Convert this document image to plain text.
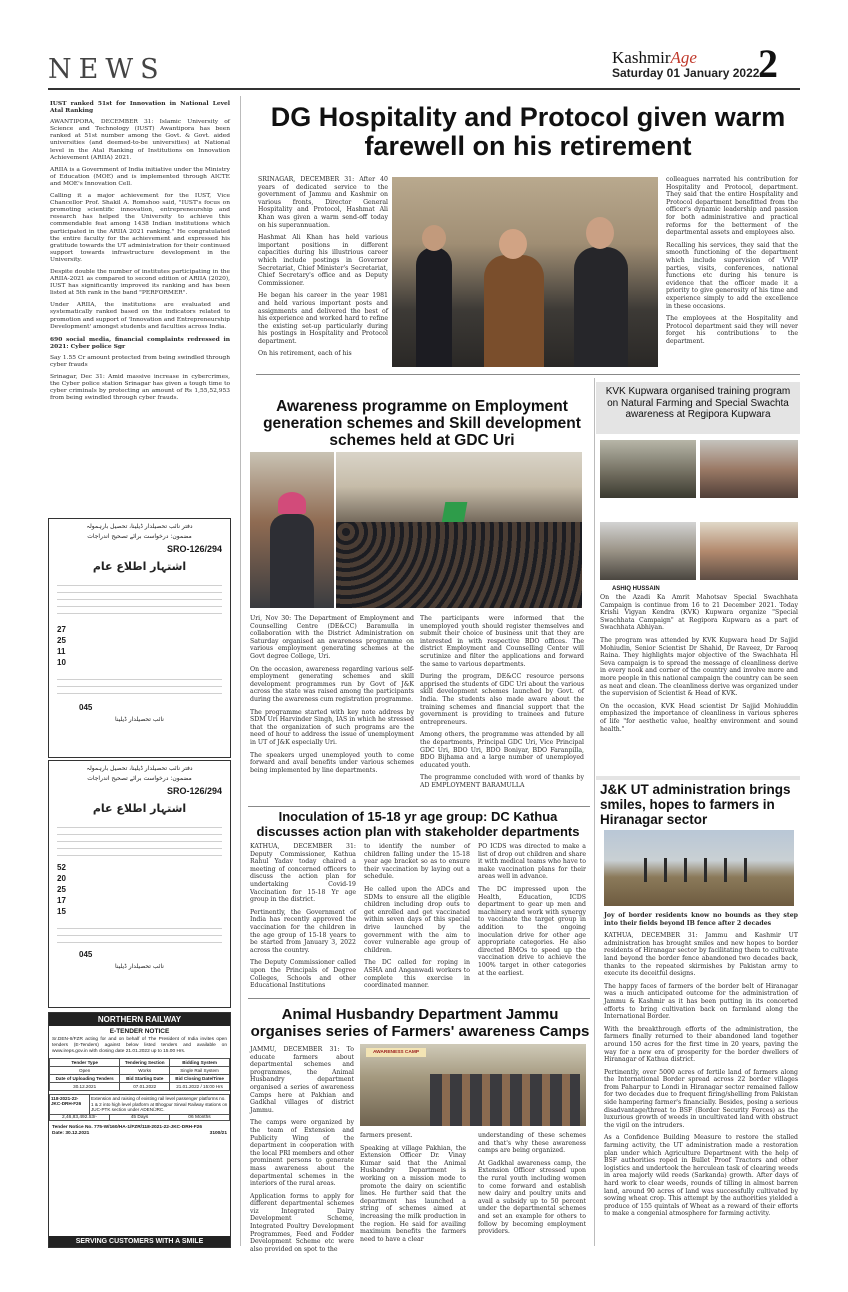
NEWS	KashmirAge
Saturday 01 January 2022
2

IUST ranked 51st for Innovation in National Level Atal Ranking

AWANTIPORA, DECEMBER 31: Islamic University of Science and Technology (IUST) Awantipora has been ranked at 51st number among the Govt. & Govt. aided universities (and deemed-to-be universities) at National level in the Atal Ranking of Institutions on Innovation Achievement (ARIIA) 2021.

ARIIA is a Government of India initiative under the Ministry of Education (MOE) and is implemented through AICTE and MOE's Innovation Cell.

Calling it a major achievement for the IUST, Vice Chancellor Prof. Shakil A. Romshoo said, "IUST's focus on promoting scientific innovation, entrepreneurship and research has helped the University to achieve this commendable feat among 1438 Indian institutions which participated in the ARIIA 2021 ranking." He congratulated the entire faculty for the achievement and expressed his gratitude towards the UT administration for their continued support towards infrastructure development in the University.

Despite double the number of institutes participating in the ARIIA-2021 as compared to second edition of ARIIA (2020), IUST has significantly improved its ranking and has been listed at 5th rank in the band "PERFORMER".

Under ARIIA, the institutions are evaluated and systematically ranked based on the indicators related to promotion and support of 'Innovation and Entrepreneurship Development' amongst students and faculties across India.

690 social media, financial complaints redressed in 2021: Cyber police Sgr

Say 1.55 Cr amount protected from being swindled through cyber frauds

Srinagar, Dec 31: Amid massive increase in cybercrimes, the Cyber police station Srinagar has given a tough time to cyber criminals by protecting an amount of Rs 1,55,52,953 from being swindled through cyber frauds.

دفتر نائب تحصیلدار ڈیلینا، تحصیل بارہمولہ
مضمون: درخواست برائے تصحیح اندراجات
SRO-126/294
اشتہار اطلاع عام
27
25
11
10
045
نائب تحصیلدار ڈیلینا
دفتر نائب تحصیلدار ڈیلینا، تحصیل بارہمولہ
مضمون: درخواست برائے تصحیح اندراجات
SRO-126/294
اشتہار اطلاع عام
52
20
25
17
15
045
نائب تحصیلدار ڈیلینا
NORTHERN RAILWAY
E-TENDER NOTICE
Sr.DEN-II/FZR acting for and on behalf of The President of India invites open tenders (E-Tenders) against below listed tenders and available on www.ireps.gov.in with closing date 21.01.2022 up to 15.00 Hrs.
Tender Type	Tendering Section	Bidding System
Open	Works	Single Rail System
Date of Uploading Tenders	Bid Starting Date	Bid Closing Date/Time
30.12.2021	07.01.2022	21.01.2022 / 15:00 Hrs
118-2021-22-JKC-DRH-F26
Extension and raising of existing rail level passenger platforms no. 1 & 2 into high level platform at Bhogpur Sirwal Railway stations on JUC-PTK section under ADEN/JRC.
2,46,83,492.53/-	45 Days	06 Months
Tender Notice No. 775-W/160/HA-1/FZR/118-2021-22-JKC-DRH-F26
Date: 30.12.2021	3100/21
SERVING CUSTOMERS WITH A SMILE
DG Hospitality and Protocol given warm farewell on his retirement

SRINAGAR, DECEMBER 31: After 40 years of dedicated service to the government of Jammu and Kashmir on various fronts, Director General Hospitality and Protocol, Hashmat Ali Khan was given a warm send-off today on his superannuation.

Hashmat Ali Khan has held various important positions in different capacities during his illustrious career which include postings in Governor Secretariat, Chief Minister's Secretariat, Chief Secretary's office and as Deputy Commissioner.

He began his career in the year 1981 and held various important posts and assignments and delivered the best of his experience and worked hard to refine the existing set-up particularly during his postings in Hospitality and Protocol department.

On his retirement, each of his

colleagues narrated his contribution for Hospitality and Protocol, department. They said that the entire Hospitality and Protocol department benefitted from the officer's dynamic leadership and passion for both administrative and practical reforms for the betterment of the departmental assets and employees also.

Recalling his services, they said that the smooth functioning of the department which include supervision of VVIP parties, visits, conferences, national functions etc during his tenure is evidence that the officer made it a priority to give generosity of his time and experience simply to add the excellence in these occasions.

The employees at the Hospitality and Protocol department said they will never forget his contributions to the department.

Awareness programme on Employment generation schemes and Skill development schemes held at GDC Uri

Uri, Nov 30: The Department of Employment and Counselling Centre (DE&CC) Baramulla in collaboration with the District Administration on Saturday organised an awareness programme on various employment generating schemes at the Govt degree College, Uri.

On the occasion, awareness regarding various self-employment generating schemes and skill development programmes run by Govt of J&K across the state was raised among the participants during the awareness cum registration programme.

The programme started with key note address by SDM Uri Harvinder Singh, IAS in which he stressed that the organization of such programs are the need of hour to address the issue of unemployment in UT of J&K especially Uri.

The speakers urged unemployed youth to come forward and avail benefits under various schemes being implemented by line departments.

The participants were informed that the unemployed youth should register themselves and submit their choice of business unit that they are interested in with respective BDO offices. The district Employment and Counselling Center will scrutinize and filter the applications and forward the same to various departments.

During the program, DE&CC resource persons apprised the students of GDC Uri about the various skill development schemes launched by Govt. of India. The students also made aware about the training schemes and financial support that the government is providing to trainees and future entrepreneurs.

Among others, the programme was attended by all the departments, Principal GDC Uri, Vice Principal GDC Uri, BDO Uri, BDO Boniyar, BDO Faranpilla, BDO Bijhama and a large number of unemployed educated youth.

The programme concluded with word of thanks by AD EMPLOYMENT BARAMULLA

KVK Kupwara organised training program on Natural Farming and Special Swachta awareness at Regipora Kupwara
ASHIQ HUSSAIN

On the Azadi Ka Amrit Mahotsav Special Swachhata Campaign is continue from 16 to 21 December 2021. Today Krishi Vigyan Kendra (KVK) Kupwara organize "Special Swachhata Campaign" at Regipora Kupwara as a part of Swachhata Abhiyan.

The program was attended by KVK Kupwara head Dr Sajjid Mohiudin, Senior Scientist Dr Shahid, Dr Raveez, Dr Farooq Raina. They highlights major objective of the Swachhata Hi Seva campaign is to spread the message of cleanliness derive in every nook and corner of the country and involve more and more people in this national campaign the country can be seen as neat and clean. The cleanliness derive was organized under the supervision of Scientist & Head of KVK.

On the occasion, KVK Head scientist Dr Sajjid Mohiuddin emphasized the importance of cleanliness in various spheres of life "for aesthetic value, healthy environment and sound health."

Inoculation of 15-18 yr age group: DC Kathua discusses action plan with stakeholder departments

KATHUA, DECEMBER 31: Deputy Commissioner, Kathua Rahul Yadav today chaired a meeting of concerned officers to discuss the action plan for undertaking Covid-19 Vaccination for 15-18 Yr age group in the district.

Pertinently, the Government of India has recently approved the vaccination for the children in the age group of 15-18 years to be started from January 3, 2022 across the country.

The Deputy Commissioner called upon the Principals of Degree Colleges, Schools and other Educational Institutions

to identify the number of children falling under the 15-18 year age bracket so as to ensure their vaccination by laying out a schedule.

He called upon the ADCs and SDMs to ensure all the eligible children including drop outs to get enrolled and get vaccinated within seven days of this special drive launched by the government with the aim to cover vulnerable age group of children.

The DC called for roping in ASHA and Anganwadi workers to complete this exercise in coordinated manner.

PO ICDS was directed to make a list of drop out children and share it with medical teams who have to make vaccination plans for their areas well in advance.

The DC impressed upon the Health, Education, ICDS department to gear up men and machinery and work with synergy to vaccinate the target group in addition to the ongoing inoculation drive for other age appropriate categories. He also directed BMOs to speed up the vaccination drive to achieve the 100% target in other categories at the earliest.

J&K UT administration brings smiles, hopes to farmers in Hiranagar sector

Joy of border residents know no bounds as they step into their fields beyond IB fence after 2 decades

KATHUA, DECEMBER 31: Jammu and Kashmir UT administration has brought smiles and new hopes to border residents of Hiranagar sector by facilitating them to cultivate land beyond the border fence abandoned two decades back, thanks to the repeated skirmishes by Pakistan army to execute its deceitful designs.

The happy faces of farmers of the border belt of Hiranagar was a much anticipated outcome for the administration of Jammu & Kashmir as it has been putting in its concerted efforts to bring cultivation back on farmland along the International Border.

With the breakthrough efforts of the administration, the farmers finally returned to their abandoned land together around 150 acres for the first time in 20 years, paving the way for a new era of prosperity for the border dwellers of Hiranagar of Kathua district.

Pertinently, over 5000 acres of fertile land of farmers along the International Border spread across 22 border villages from Paharpur to Londi in Hiranagar sector remained fallow for two decades due to frequent firing/shelling from Pakistan side hampering farmer's financially. Besides, posing a serious disadvantage/threat to BSF (Border Security Forces) as the luxurious growth of weeds in uncultivated land with obstruct the vigil on the intruders.

As a Confidence Building Measure to restore the stalled farming activity, the UT administration made a restoration plan under which Agriculture Department with the help of BSF authorities roped in Bullet Proof Tractors and other logistics and undertook the herculean task of clearing weeds in area majorly wild reeds (Sarkanda) growth. After days of hard work to clear weeds, rounds of tilling in almost barren land, around 90 acres of land was successfully cultivated by sowing wheat crop. This attempt by the authorities yielded a produce of 155 quintals of Wheat as a reward of their efforts to make a congenial atmosphere for farming activity.

Animal Husbandry Department Jammu organises series of Farmers' awareness Camps

JAMMU, DECEMBER 31: To educate farmers about departmental schemes and programmes, the Animal Husbandry department organised a series of awareness Camps here at Pakhian and Gadkhal villages of district Jammu.

The camps were organized by the team of Extension and Publicity Wing of the department in cooperation with the local PRI members and other prominent persons to generate mass awareness about the departmental schemes in the interiors of the rural areas.

Application forms to apply for different departmental schemes viz Integrated Dairy Development Scheme, Integrated Poultry Development Programmes, Feed and Fodder Development Scheme etc were also provided on spot to the

AWARENESS CAMP

farmers present.

Speaking at village Pakhian, the Extension Officer Dr. Vinay Kumar said that the Animal Husbandry Department is working on a mission mode to promote the dairy on scientific lines. He further said that the department has launched a string of schemes aimed at increasing the milk production in the region. He said for availing maximum benefits the farmers need to have a clear

understanding of these schemes and that's why these awareness camps are being organized.

At Gadkhal awareness camp, the Extension Officer stressed upon the rural youth including women to come forward and establish new dairy and poultry units and avail a subsidy up to 50 percent under the departmental schemes and set an example for others to follow by becoming employment providers.
